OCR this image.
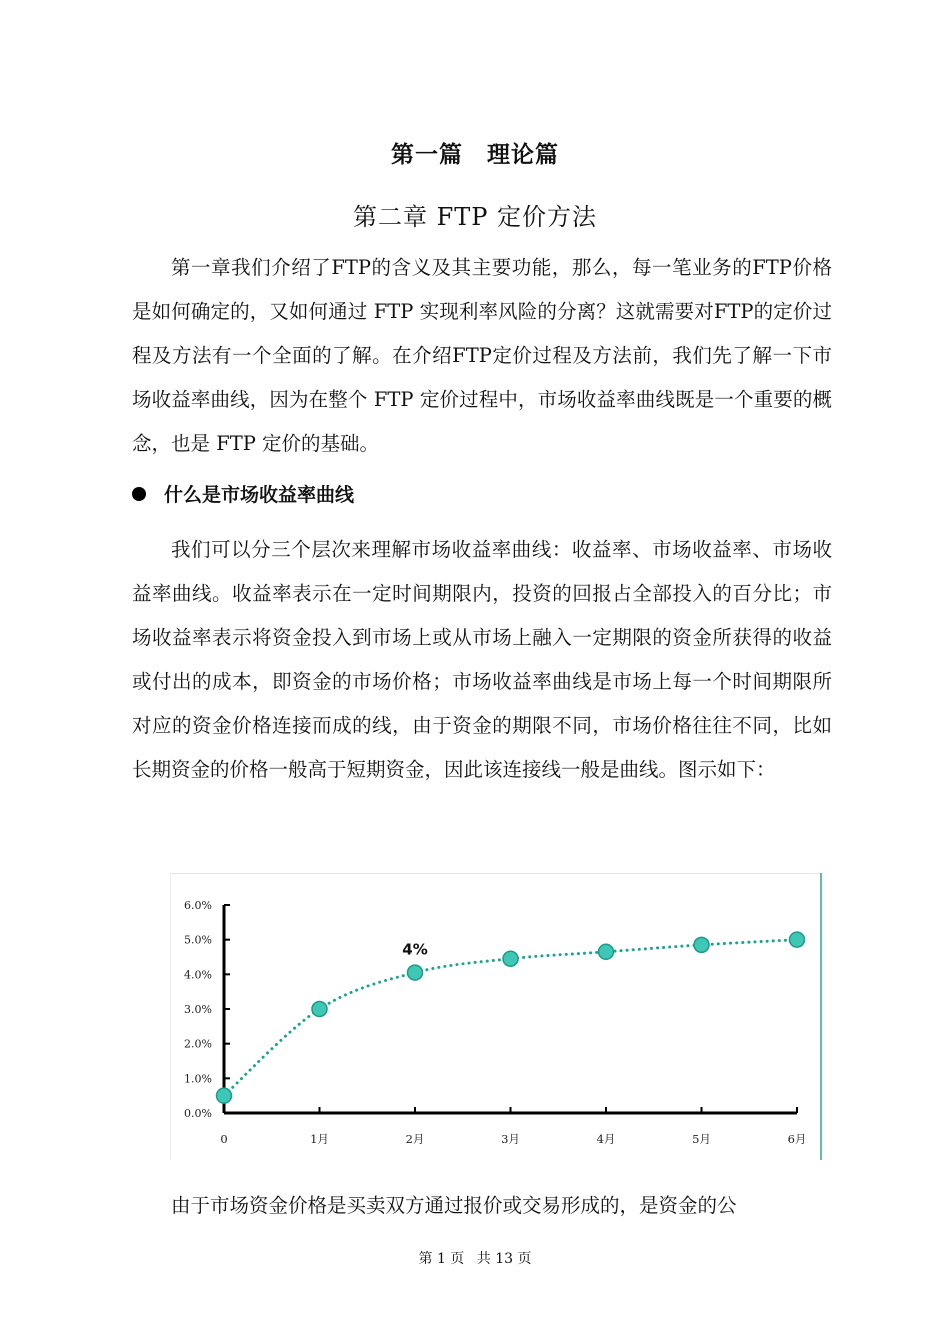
第一篇　理论篇
第二章 FTP 定价方法

第一章我们介绍了FTP的含义及其主要功能，那么，每一笔业务的FTP价格是如何确定的，又如何通过 FTP 实现利率风险的分离？这就需要对FTP的定价过程及方法有一个全面的了解。在介绍FTP定价过程及方法前，我们先了解一下市场收益率曲线，因为在整个 FTP 定价过程中，市场收益率曲线既是一个重要的概念，也是 FTP 定价的基础。

什么是市场收益率曲线

我们可以分三个层次来理解市场收益率曲线：收益率、市场收益率、市场收益率曲线。收益率表示在一定时间期限内，投资的回报占全部投入的百分比；市场收益率表示将资金投入到市场上或从市场上融入一定期限的资金所获得的收益或付出的成本，即资金的市场价格；市场收益率曲线是市场上每一个时间期限所对应的资金价格连接而成的线，由于资金的期限不同，市场价格往往不同，比如长期资金的价格一般高于短期资金，因此该连接线一般是曲线。图示如下：

0.0%
1.0%
2.0%
3.0%
4.0%
5.0%
6.0%
0	1月	2月	3月	4月	5月	6月
4%

由于市场资金价格是买卖双方通过报价或交易形成的，是资金的公

第 1 页 共 13 页
